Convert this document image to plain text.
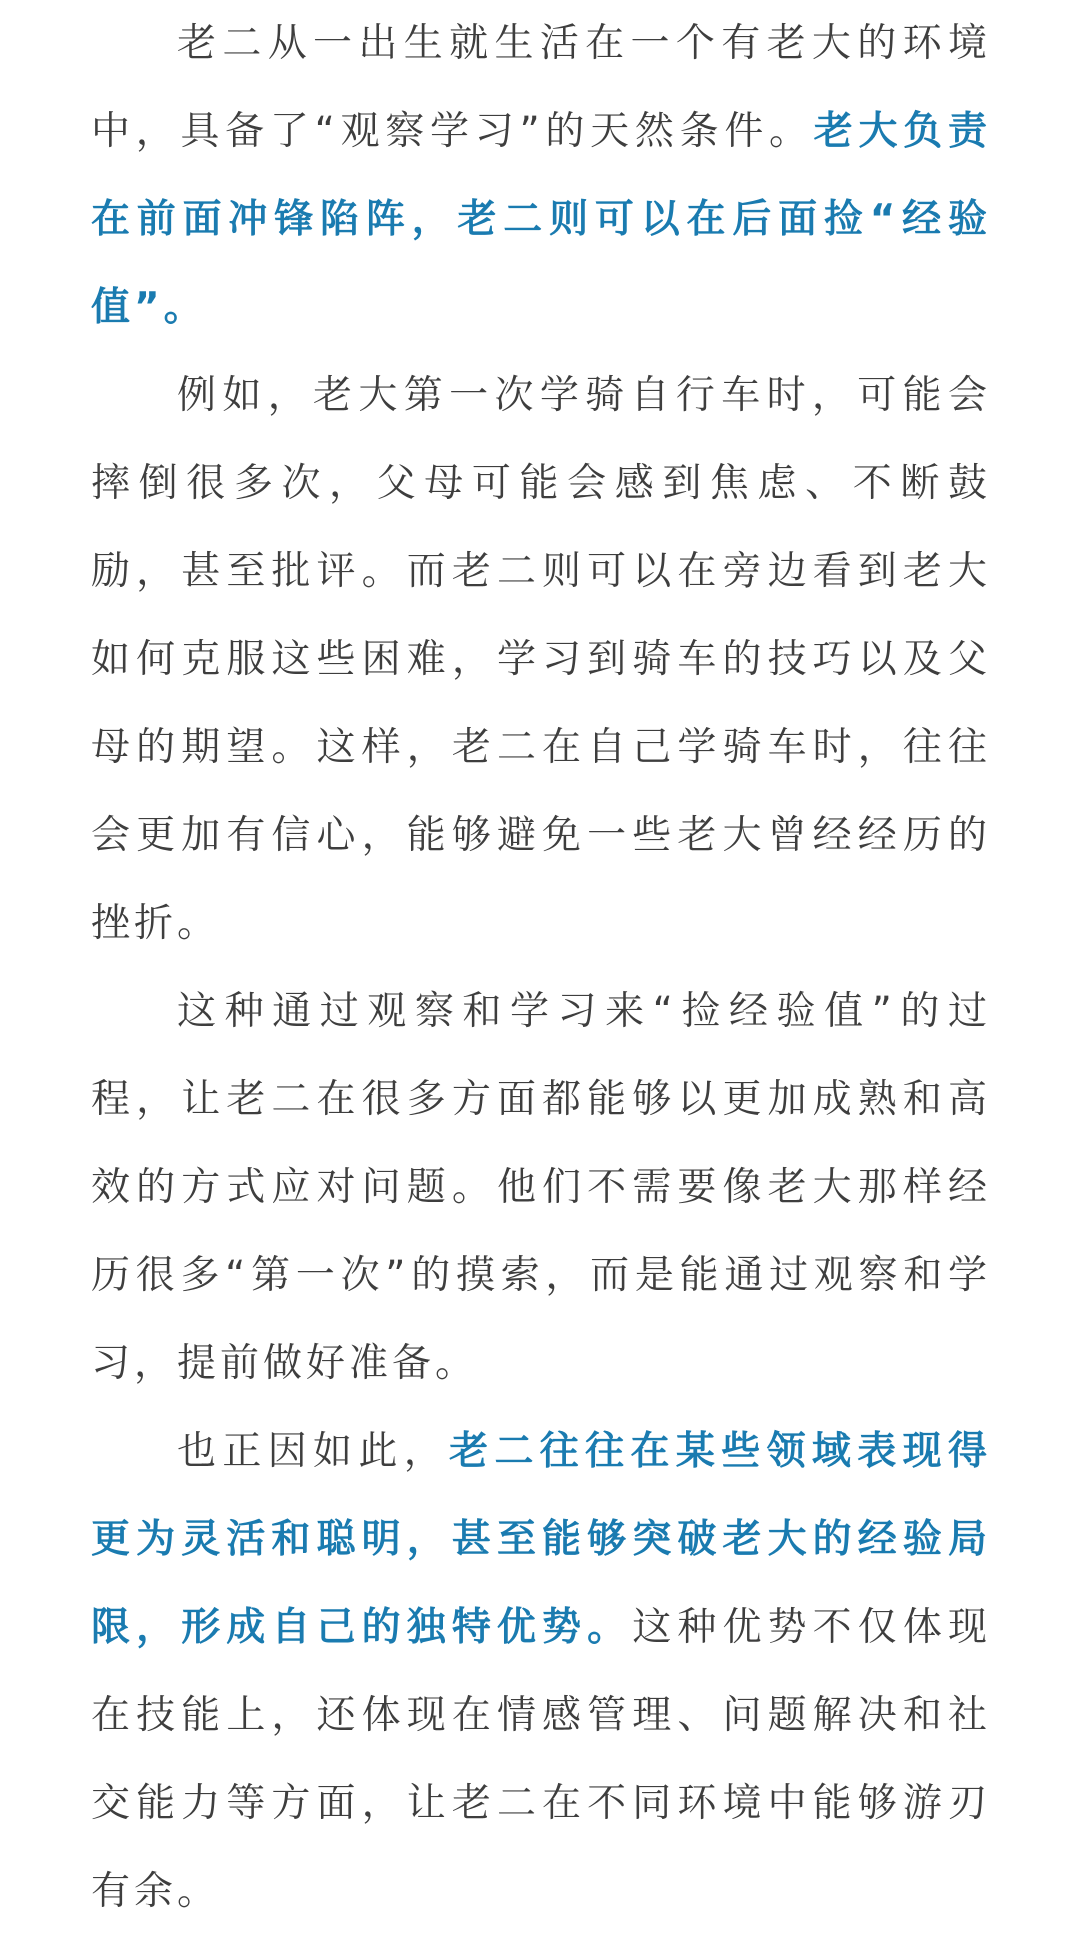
老二从一出生就生活在一个有老大的环境中，具备了“观察学习”的天然条件。老大负责在前面冲锋陷阵，老二则可以在后面捡“经验值”。

例如，老大第一次学骑自行车时，可能会摔倒很多次，父母可能会感到焦虑、不断鼓励，甚至批评。而老二则可以在旁边看到老大如何克服这些困难，学习到骑车的技巧以及父母的期望。这样，老二在自己学骑车时，往往会更加有信心，能够避免一些老大曾经经历的挫折。

这种通过观察和学习来“捡经验值”的过程，让老二在很多方面都能够以更加成熟和高效的方式应对问题。他们不需要像老大那样经历很多“第一次”的摸索，而是能通过观察和学习，提前做好准备。

也正因如此，老二往往在某些领域表现得更为灵活和聪明，甚至能够突破老大的经验局限，形成自己的独特优势。这种优势不仅体现在技能上，还体现在情感管理、问题解决和社交能力等方面，让老二在不同环境中能够游刃有余。
